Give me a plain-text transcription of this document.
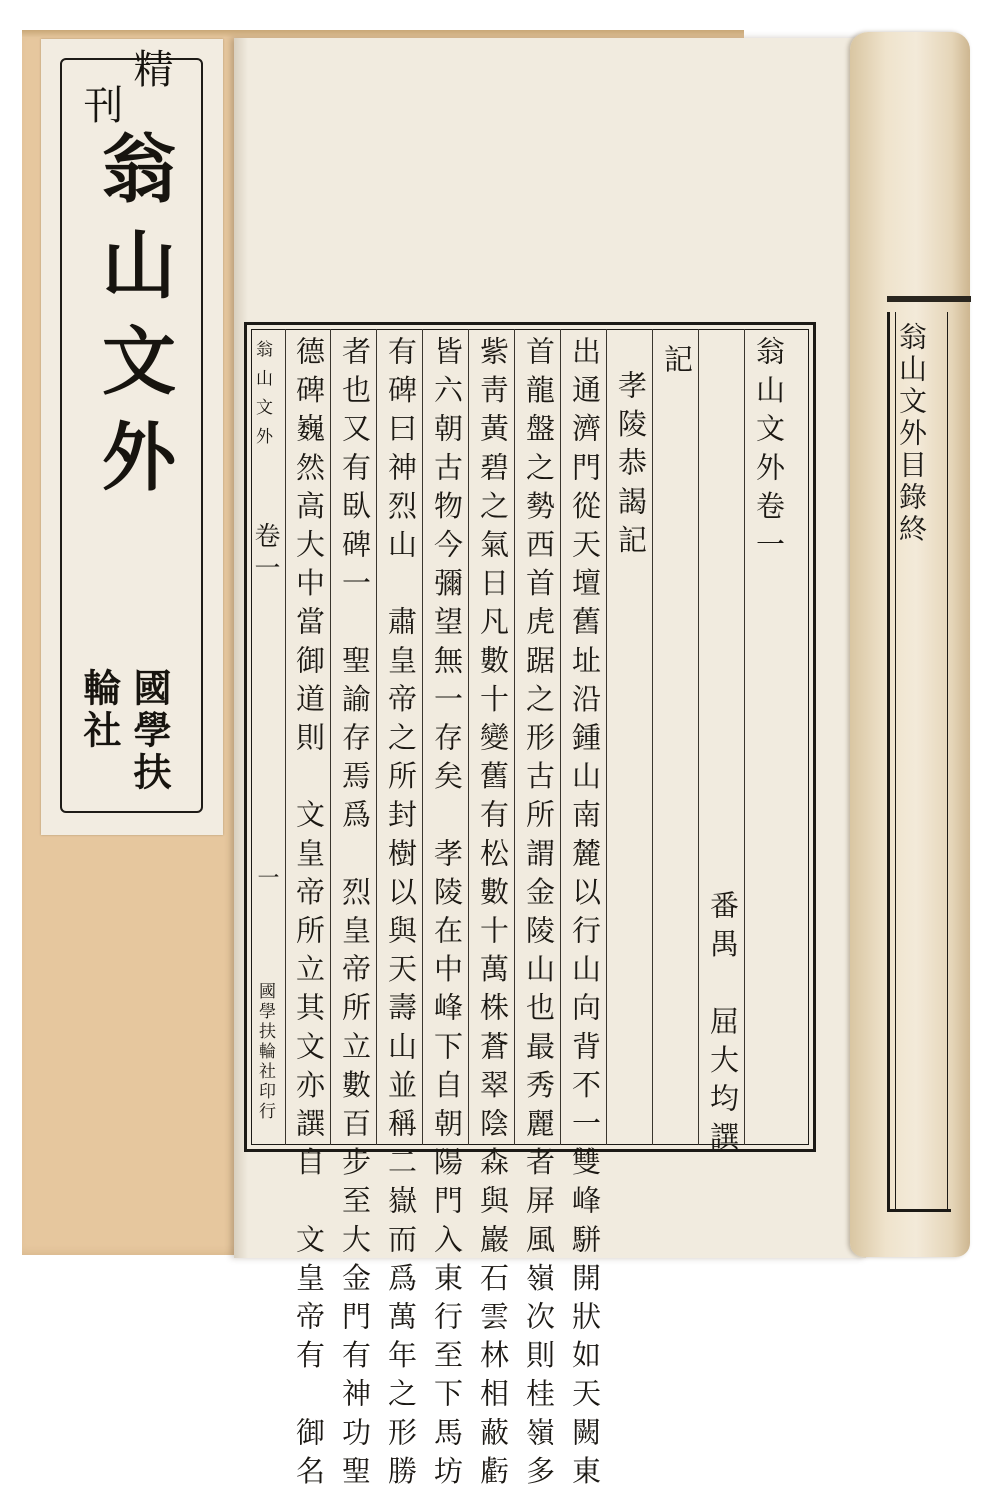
精
刊
翁山文外
國學扶
輪社
翁山文外
卷一
一
國學扶輪社印行
翁山文外卷一
番禺　屈大均譔
記
孝陵恭謁記
出通濟門從天壇舊址沿鍾山南麓以行山向背不一雙峰駢開狀如天闕東
首龍盤之勢西首虎踞之形古所謂金陵山也最秀麗者屏風嶺次則桂嶺多
紫靑黃碧之氣日凡數十變舊有松數十萬株蒼翠陰森與巖石雲林相蔽虧
皆六朝古物今彌望無一存矣　孝陵在中峰下自朝陽門入東行至下馬坊
有碑曰神烈山　肅皇帝之所封樹以與天壽山並稱二嶽而爲萬年之形勝
者也又有臥碑一　聖諭存焉爲　烈皇帝所立數百步至大金門有神功聖
德碑巍然高大中當御道則　文皇帝所立其文亦譔自　文皇帝有　御名	翁山文外目錄終
